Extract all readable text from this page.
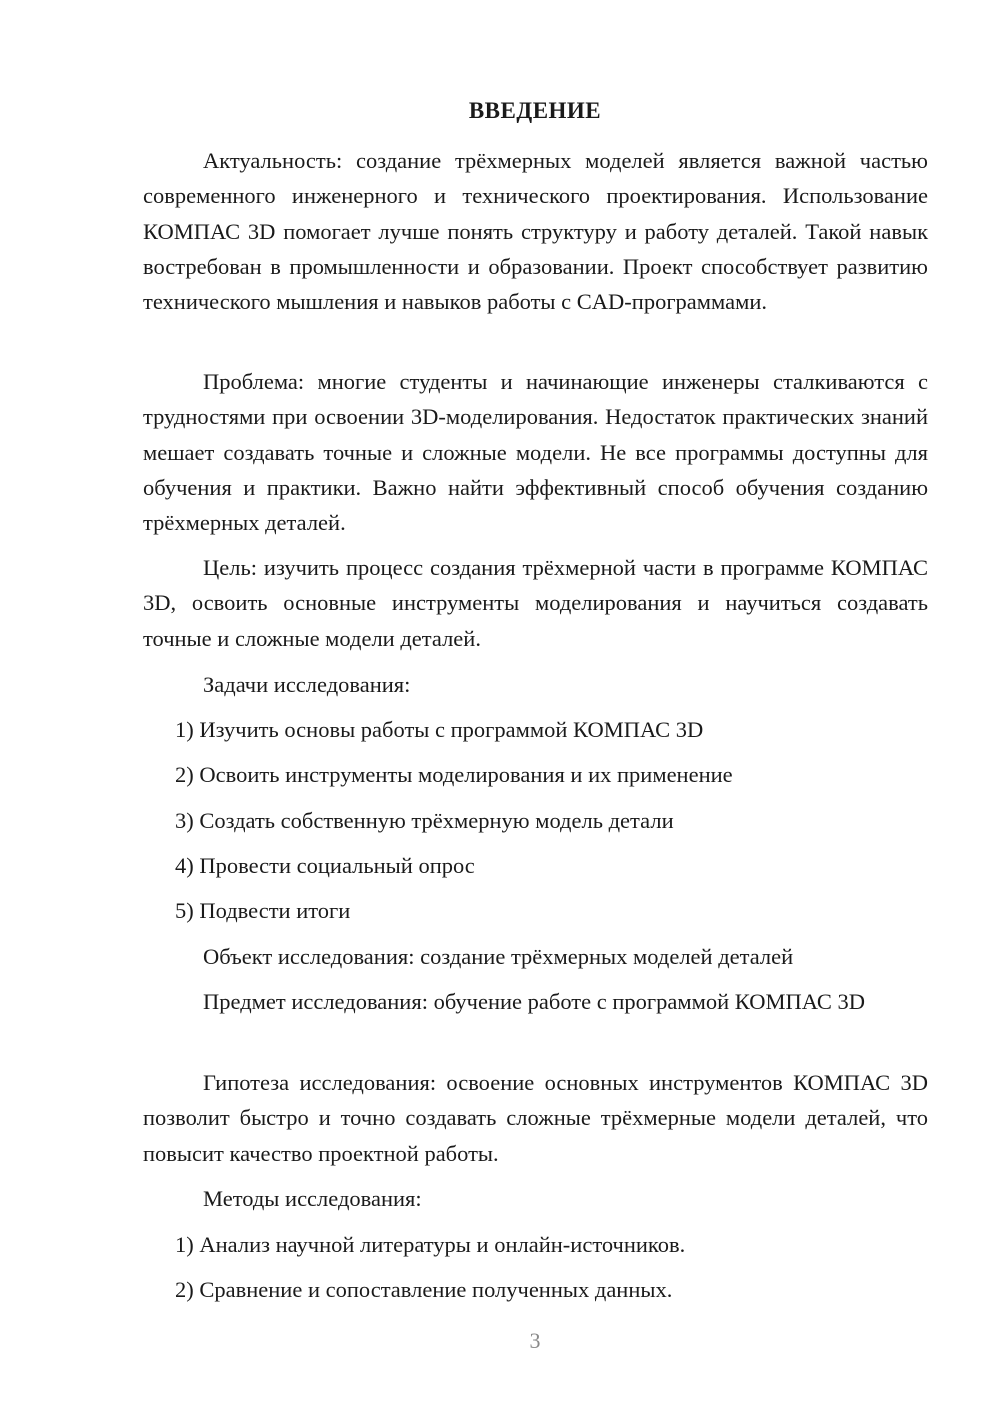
ВВЕДЕНИЕ
Актуальность: создание трёхмерных моделей является важной частью современного инженерного и технического проектирования. Использование КОМПАС 3D помогает лучше понять структуру и работу деталей. Такой навык востребован в промышленности и образовании. Проект способствует развитию технического мышления и навыков работы с CAD-программами.
Проблема: многие студенты и начинающие инженеры сталкиваются с трудностями при освоении 3D-моделирования. Недостаток практических знаний мешает создавать точные и сложные модели. Не все программы доступны для обучения и практики. Важно найти эффективный способ обучения созданию трёхмерных деталей.
Цель: изучить процесс создания трёхмерной части в программе КОМПАС 3D, освоить основные инструменты моделирования и научиться создавать точные и сложные модели деталей.
Задачи исследования:
1) Изучить основы работы с программой КОМПАС 3D
2) Освоить инструменты моделирования и их применение
3) Создать собственную трёхмерную модель детали
4) Провести социальный опрос
5) Подвести итоги
Объект исследования: создание трёхмерных моделей деталей
Предмет исследования: обучение работе с программой КОМПАС 3D
Гипотеза исследования: освоение основных инструментов КОМПАС 3D позволит быстро и точно создавать сложные трёхмерные модели деталей, что повысит качество проектной работы.
Методы исследования:
1) Анализ научной литературы и онлайн-источников.
2) Сравнение и сопоставление полученных данных.
3
